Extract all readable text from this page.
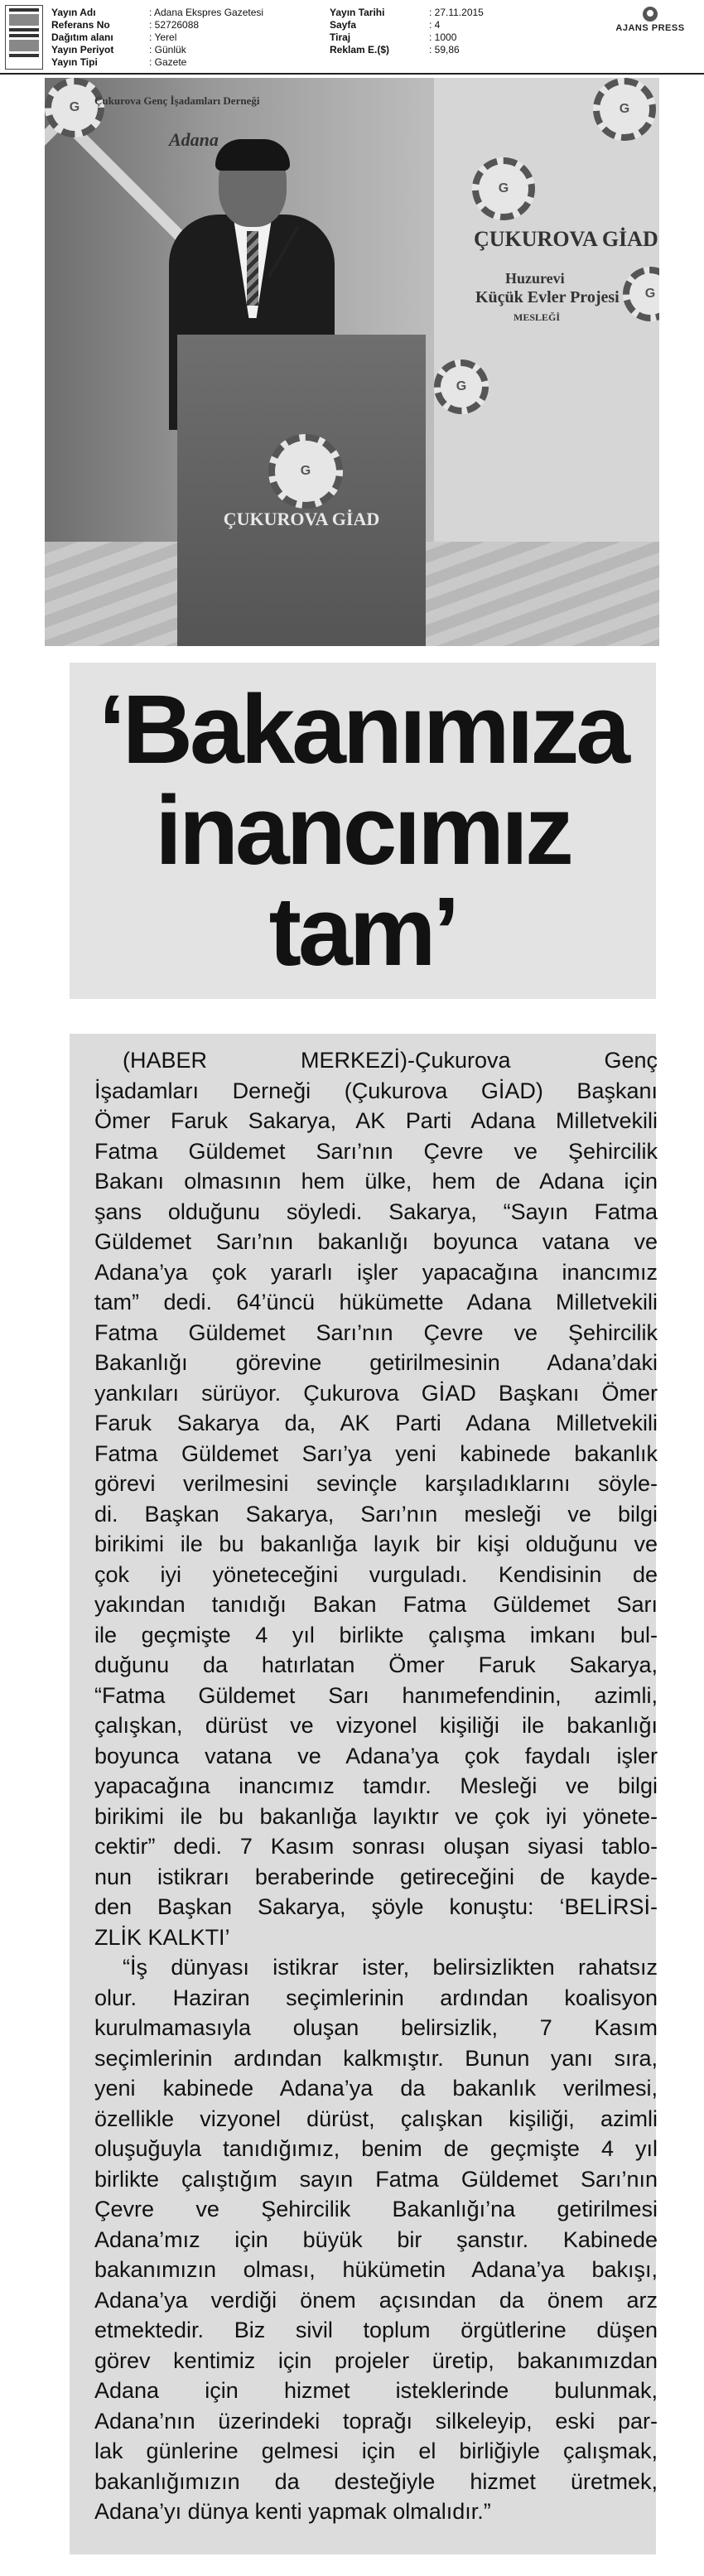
Yayın Adı	: Adana Ekspres Gazetesi
Referans No	: 52726088
Dağıtım alanı	: Yerel
Yayın Periyot	: Günlük
Yayın Tipi	: Gazete
Yayın Tarihi	: 27.11.2015
Sayfa	: 4
Tiraj	: 1000
Reklam E.($)	: 59,86
AJANS PRESS
G
G
G
G
G
ÇUKUROVA GİAD
Huzurevi
Küçük Evler Projesi
MESLEĞİ
Çukurova Genç İşadamları Derneği
Adana
G
ÇUKUROVA GİAD
‘Bakanımıza
inancımız
tam’
(HABER MERKEZİ)-Çukurova Genç
İşadamları Derneği (Çukurova GİAD) Başkanı
Ömer Faruk Sakarya, AK Parti Adana Milletvekili
Fatma Güldemet Sarı’nın Çevre ve Şehircilik
Bakanı olmasının hem ülke, hem de Adana için
şans olduğunu söyledi. Sakarya, “Sayın Fatma
Güldemet Sarı’nın bakanlığı boyunca vatana ve
Adana’ya çok yararlı işler yapacağına inancımız
tam” dedi. 64’üncü hükümette Adana Milletvekili
Fatma Güldemet Sarı’nın Çevre ve Şehircilik
Bakanlığı görevine getirilmesinin Adana’daki
yankıları sürüyor. Çukurova GİAD Başkanı Ömer
Faruk Sakarya da, AK Parti Adana Milletvekili
Fatma Güldemet Sarı’ya yeni kabinede bakanlık
görevi verilmesini sevinçle karşıladıklarını söyle-
di. Başkan Sakarya, Sarı’nın mesleği ve bilgi
birikimi ile bu bakanlığa layık bir kişi olduğunu ve
çok iyi yöneteceğini vurguladı. Kendisinin de
yakından tanıdığı Bakan Fatma Güldemet Sarı
ile geçmişte 4 yıl birlikte çalışma imkanı bul-
duğunu da hatırlatan Ömer Faruk Sakarya,
“Fatma Güldemet Sarı hanımefendinin, azimli,
çalışkan, dürüst ve vizyonel kişiliği ile bakanlığı
boyunca vatana ve Adana’ya çok faydalı işler
yapacağına inancımız tamdır. Mesleği ve bilgi
birikimi ile bu bakanlığa layıktır ve çok iyi yönete-
cektir” dedi. 7 Kasım sonrası oluşan siyasi tablo-
nun istikrarı beraberinde getireceğini de kayde-
den Başkan Sakarya, şöyle konuştu: ‘BELİRSİ-
ZLİK KALKTI’
“İş dünyası istikrar ister, belirsizlikten rahatsız
olur. Haziran seçimlerinin ardından koalisyon
kurulmamasıyla oluşan belirsizlik, 7 Kasım
seçimlerinin ardından kalkmıştır. Bunun yanı sıra,
yeni kabinede Adana’ya da bakanlık verilmesi,
özellikle vizyonel dürüst, çalışkan kişiliği, azimli
oluşuğuyla tanıdığımız, benim de geçmişte 4 yıl
birlikte çalıştığım sayın Fatma Güldemet Sarı’nın
Çevre ve Şehircilik Bakanlığı’na getirilmesi
Adana’mız için büyük bir şanstır. Kabinede
bakanımızın olması, hükümetin Adana’ya bakışı,
Adana’ya verdiği önem açısından da önem arz
etmektedir. Biz sivil toplum örgütlerine düşen
görev kentimiz için projeler üretip, bakanımızdan
Adana için hizmet isteklerinde bulunmak,
Adana’nın üzerindeki toprağı silkeleyip, eski par-
lak günlerine gelmesi için el birliğiyle çalışmak,
bakanlığımızın da desteğiyle hizmet üretmek,
Adana’yı dünya kenti yapmak olmalıdır.”
